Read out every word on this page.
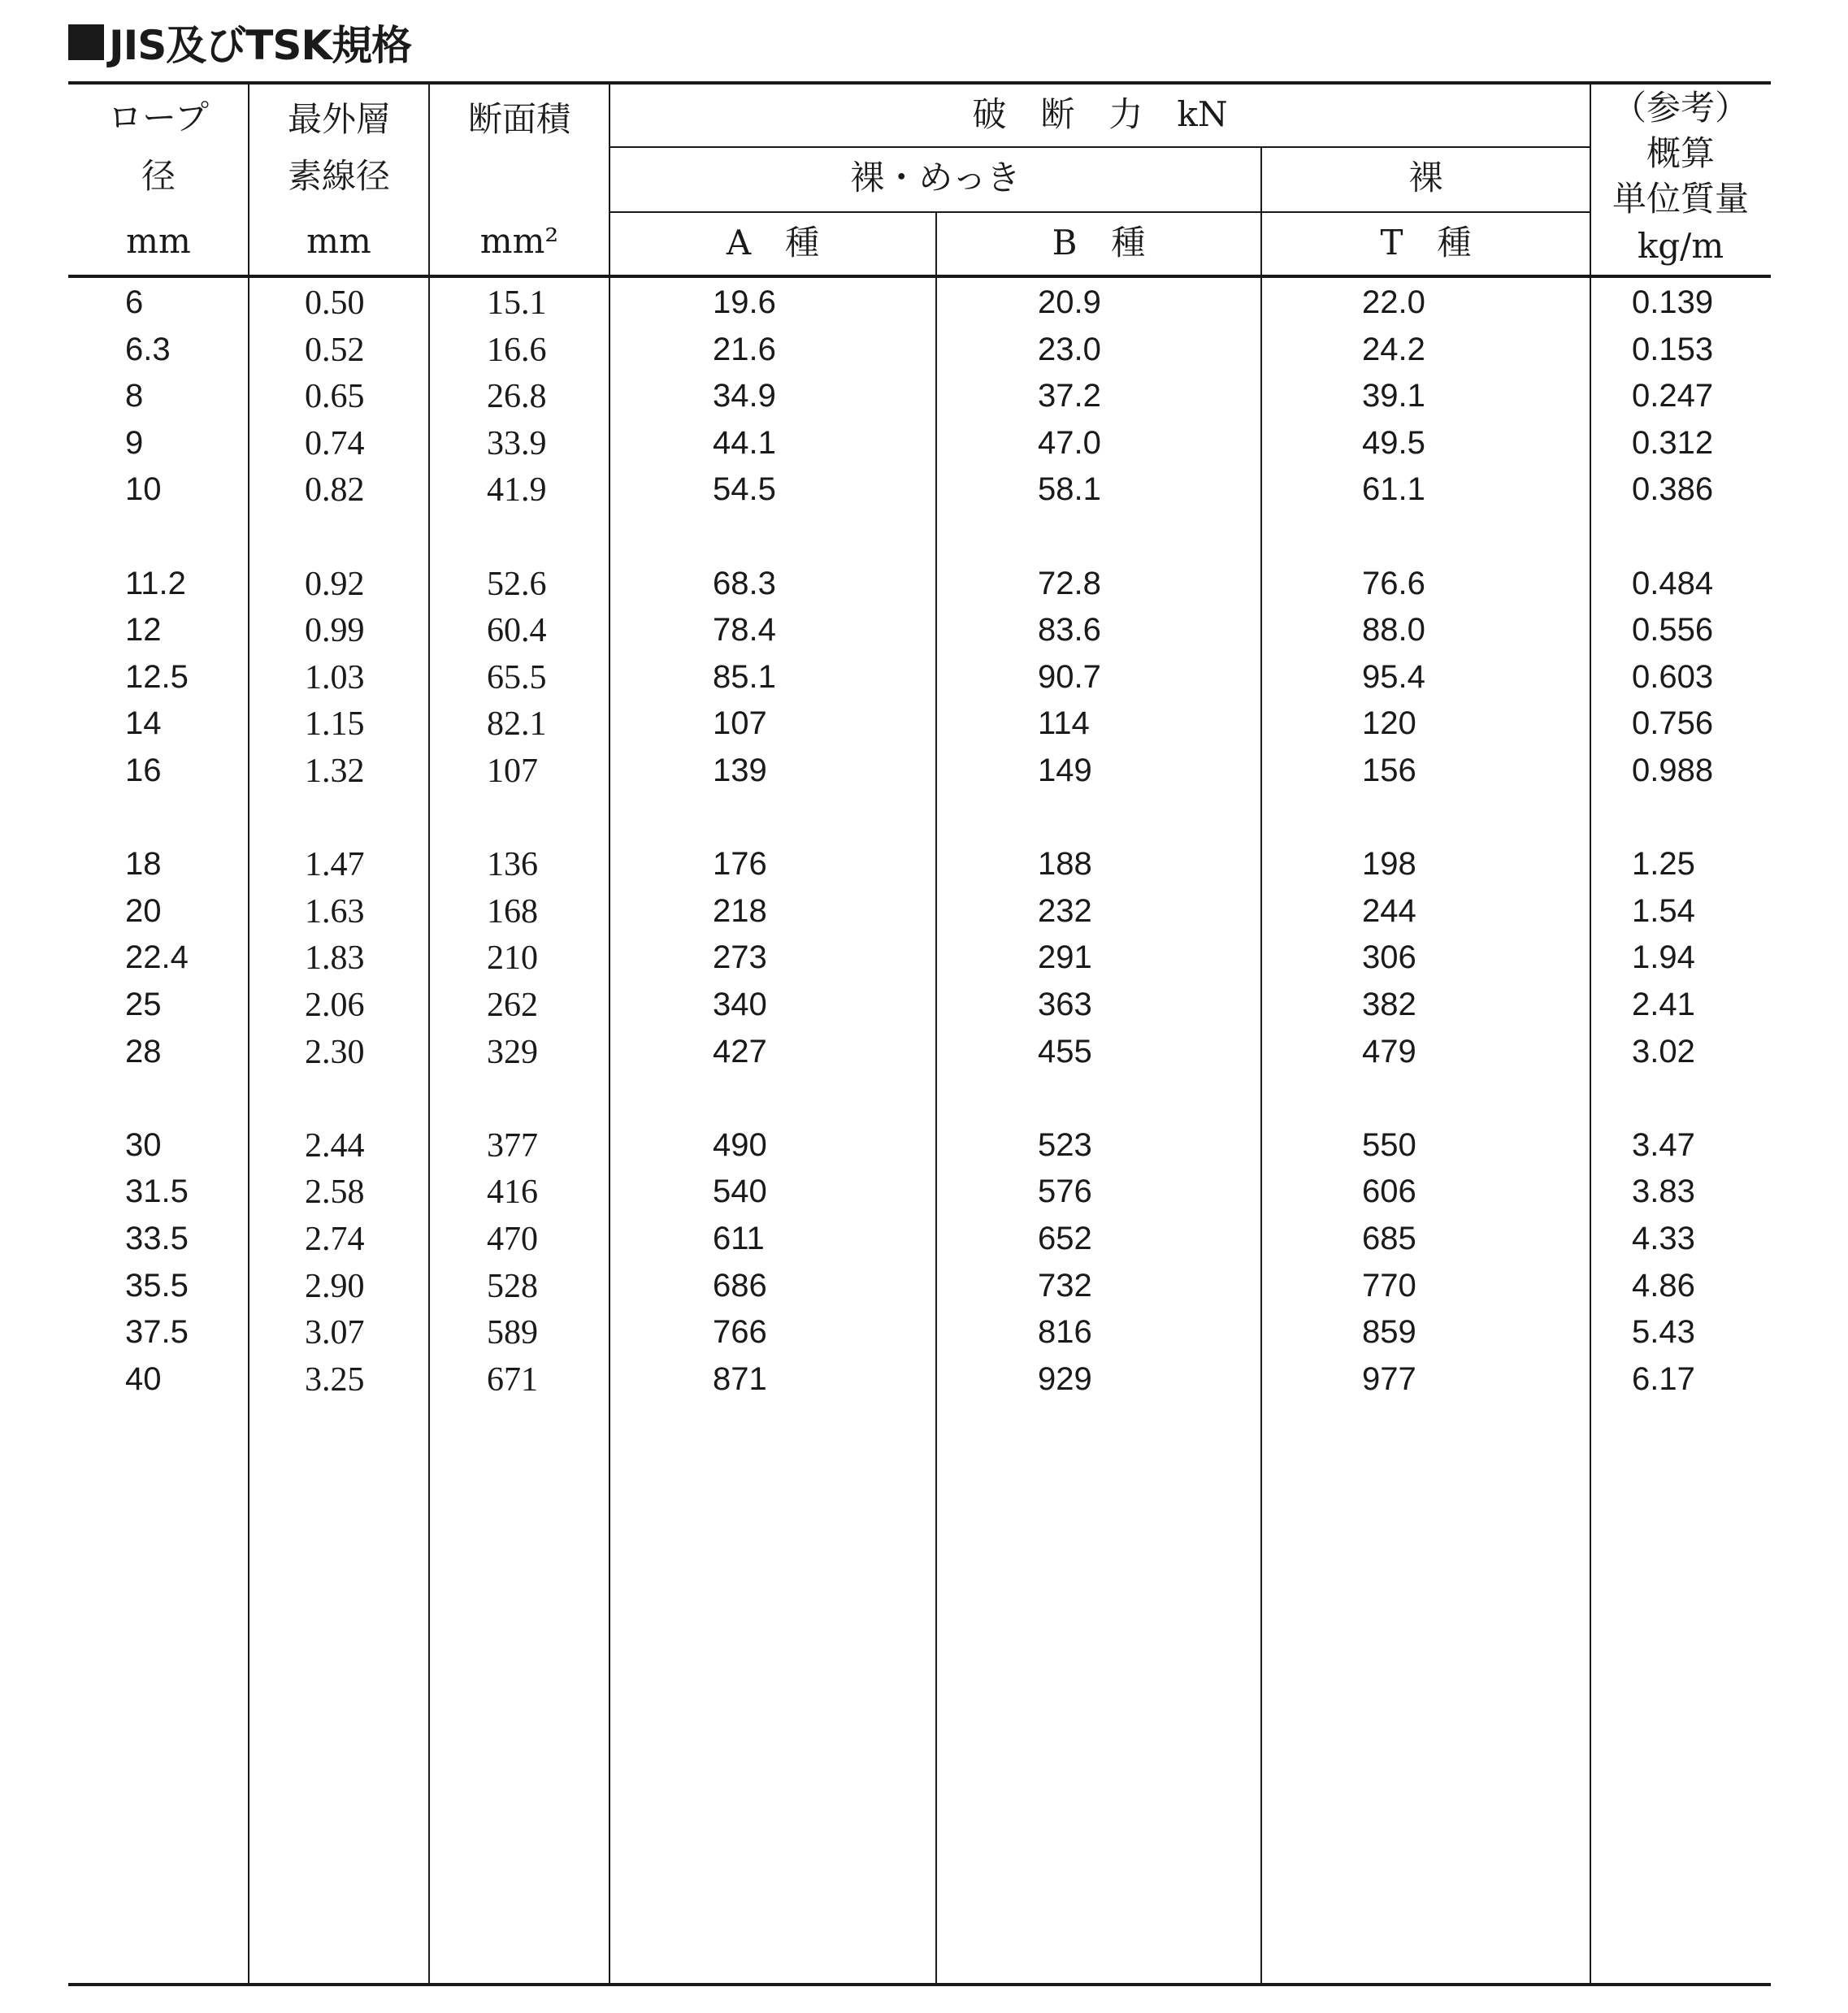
JIS及びTSK規格
ロープ
径
mm
最外層
素線径
mm
断面積
mm²
破　断　力　kN
裸・めっき	裸
A　種	B　種	T　種
（参考）
概算
単位質量
kg/m
6	0.50	15.1	19.6	20.9	22.0	0.139
6.3	0.52	16.6	21.6	23.0	24.2	0.153
8	0.65	26.8	34.9	37.2	39.1	0.247
9	0.74	33.9	44.1	47.0	49.5	0.312
10	0.82	41.9	54.5	58.1	61.1	0.386
11.2	0.92	52.6	68.3	72.8	76.6	0.484
12	0.99	60.4	78.4	83.6	88.0	0.556
12.5	1.03	65.5	85.1	90.7	95.4	0.603
14	1.15	82.1	107	114	120	0.756
16	1.32	107	139	149	156	0.988
18	1.47	136	176	188	198	1.25
20	1.63	168	218	232	244	1.54
22.4	1.83	210	273	291	306	1.94
25	2.06	262	340	363	382	2.41
28	2.30	329	427	455	479	3.02
30	2.44	377	490	523	550	3.47
31.5	2.58	416	540	576	606	3.83
33.5	2.74	470	611	652	685	4.33
35.5	2.90	528	686	732	770	4.86
37.5	3.07	589	766	816	859	5.43
40	3.25	671	871	929	977	6.17
